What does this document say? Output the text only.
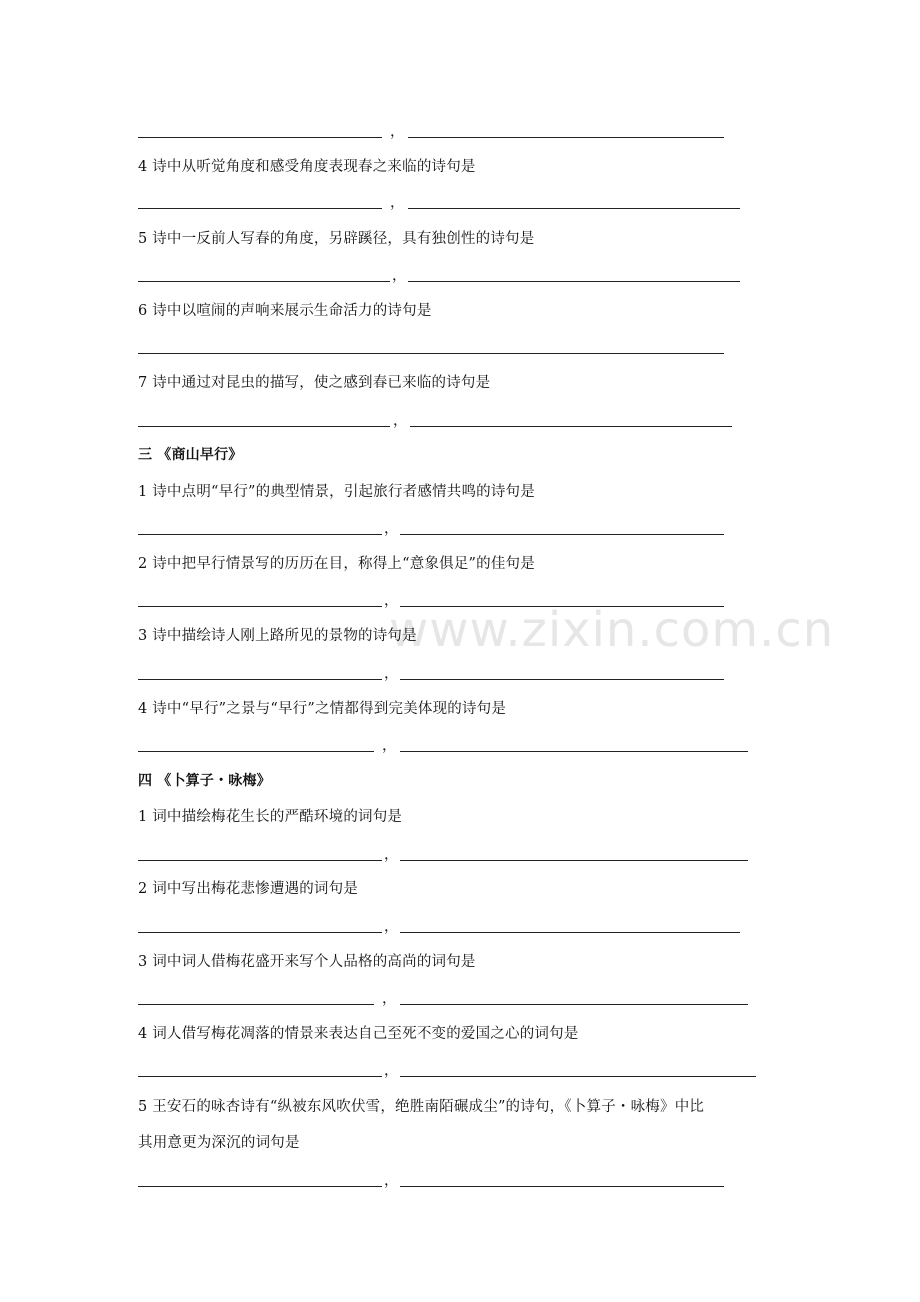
www.zixin.com.cn
，
4 诗中从听觉角度和感受角度表现春之来临的诗句是
，
5 诗中一反前人写春的角度，另辟蹊径，具有独创性的诗句是
，
6 诗中以喧闹的声响来展示生命活力的诗句是
7 诗中通过对昆虫的描写，使之感到春已来临的诗句是
，
三 《商山早行》
1 诗中点明“早行”的典型情景，引起旅行者感情共鸣的诗句是
，
2 诗中把早行情景写的历历在目，称得上“意象俱足”的佳句是
，
3 诗中描绘诗人刚上路所见的景物的诗句是
，
4 诗中“早行”之景与“早行”之情都得到完美体现的诗句是
，
四 《卜算子・咏梅》
1 词中描绘梅花生长的严酷环境的词句是
，
2 词中写出梅花悲惨遭遇的词句是
，
3 词中词人借梅花盛开来写个人品格的高尚的词句是
，
4 词人借写梅花凋落的情景来表达自己至死不变的爱国之心的词句是
，
5 王安石的咏杏诗有“纵被东风吹伏雪，绝胜南陌碾成尘”的诗句，《卜算子・咏梅》中比
其用意更为深沉的词句是
，
